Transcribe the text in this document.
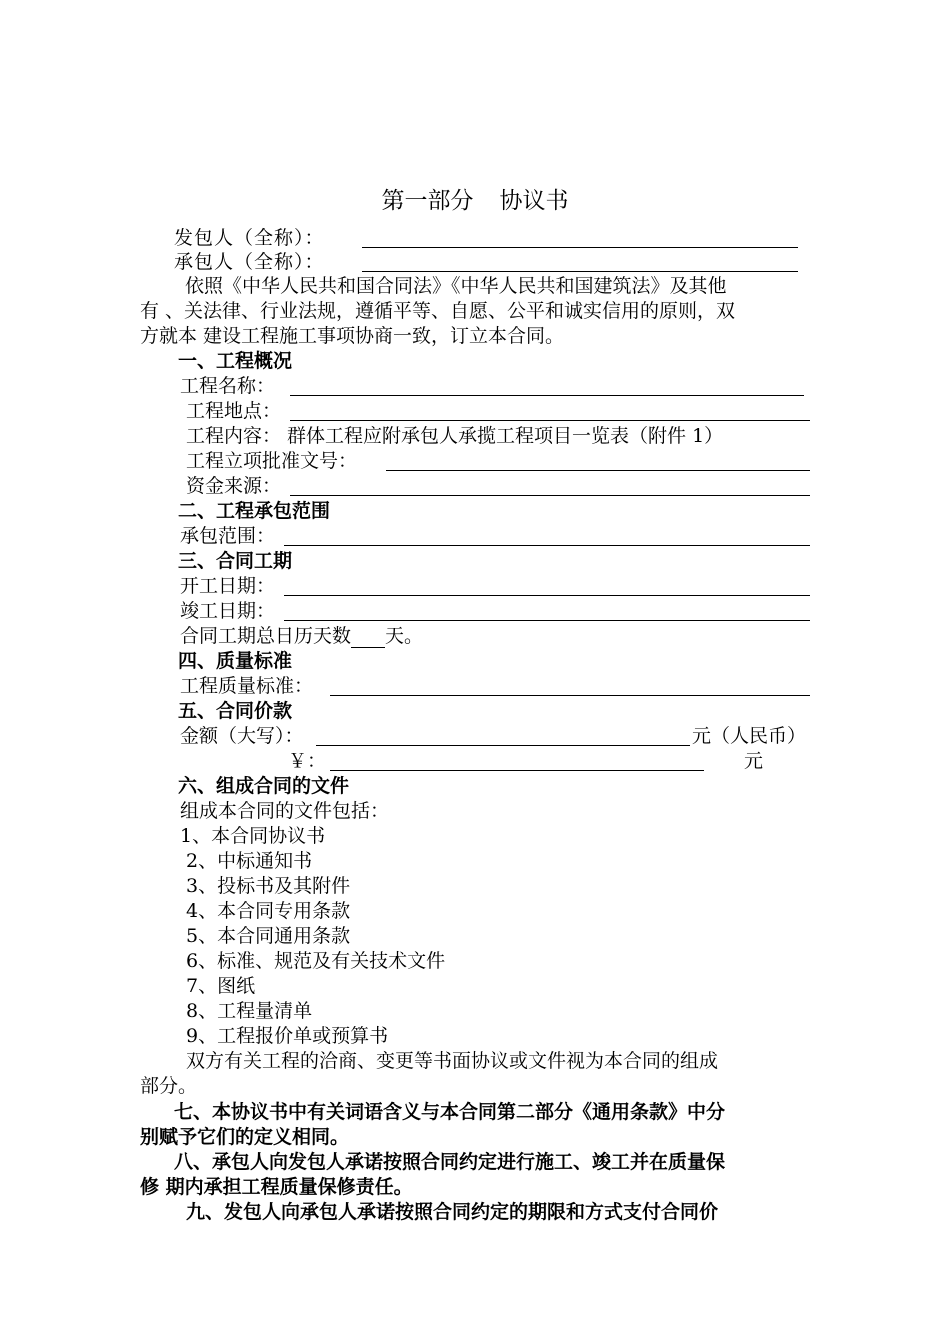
第一部分 协议书
发包人（全称）：
承包人（全称）：
依照《中华人民共和国合同法》《中华人民共和国建筑法》及其他
有 、关法律、行业法规，遵循平等、自愿、公平和诚实信用的原则，双
方就本 建设工程施工事项协商一致，订立本合同。
一、工程概况
工程名称：
工程地点：
工程内容： 群体工程应附承包人承揽工程项目一览表（附件 1）
工程立项批准文号：
资金来源：
二、工程承包范围
承包范围：
三、合同工期
开工日期：
竣工日期：
合同工期总日历天数 天。
四、质量标准
工程质量标准：
五、合同价款
金额（大写）：	元（人民币）
￥：	元
六、组成合同的文件
组成本合同的文件包括：
1、本合同协议书
2、中标通知书
3、投标书及其附件
4、本合同专用条款
5、本合同通用条款
6、标准、规范及有关技术文件
7、图纸
8、工程量清单
9、工程报价单或预算书
双方有关工程的洽商、变更等书面协议或文件视为本合同的组成
部分。
七、本协议书中有关词语含义与本合同第二部分《通用条款》中分
别赋予它们的定义相同。
八、承包人向发包人承诺按照合同约定进行施工、竣工并在质量保
修 期内承担工程质量保修责任。
九、发包人向承包人承诺按照合同约定的期限和方式支付合同价
